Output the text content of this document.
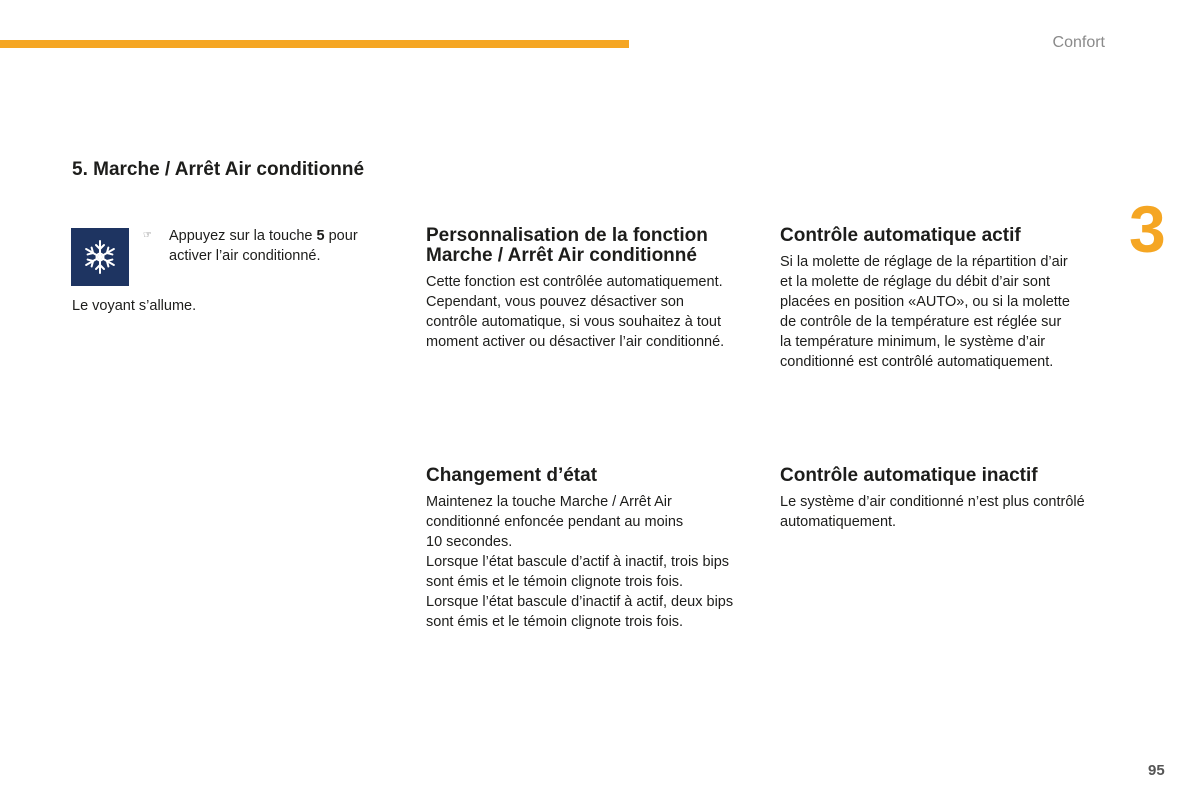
Confort
3
5. Marche / Arrêt Air conditionné
☞	Appuyez sur la touche 5 pour activer l’air conditionné.

Le voyant s’allume.

Personnalisation de la fonction
Marche / Arrêt Air conditionné

Cette fonction est contrôlée automatiquement.
Cependant, vous pouvez désactiver son
contrôle automatique, si vous souhaitez à tout
moment activer ou désactiver l’air conditionné.

Contrôle automatique actif

Si la molette de réglage de la répartition d’air
et la molette de réglage du débit d’air sont
placées en position «AUTO», ou si la molette
de contrôle de la température est réglée sur
la température minimum, le système d’air
conditionné est contrôlé automatiquement.

Changement d’état

Maintenez la touche Marche / Arrêt Air
conditionné enfoncée pendant au moins
10 secondes.
Lorsque l’état bascule d’actif à inactif, trois bips
sont émis et le témoin clignote trois fois.
Lorsque l’état bascule d’inactif à actif, deux bips
sont émis et le témoin clignote trois fois.

Contrôle automatique inactif

Le système d’air conditionné n’est plus contrôlé
automatiquement.

95
